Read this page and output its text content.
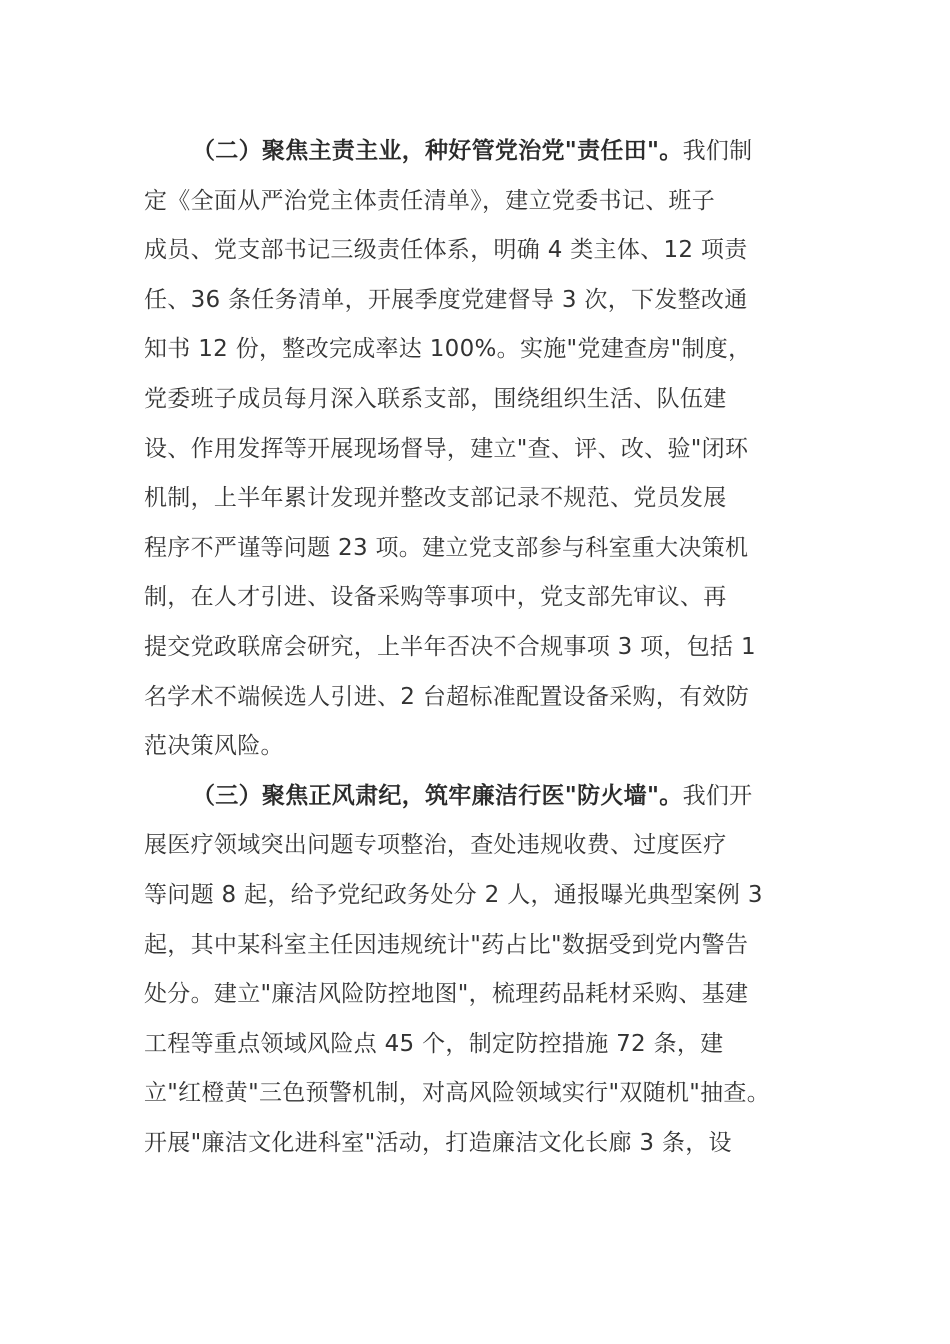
（二）聚焦主责主业，种好管党治党"责任田"。我们制
定《全面从严治党主体责任清单》，建立党委书记、班子
成员、党支部书记三级责任体系，明确 4 类主体、12 项责
任、36 条任务清单，开展季度党建督导 3 次，下发整改通
知书 12 份，整改完成率达 100%。实施"党建查房"制度，
党委班子成员每月深入联系支部，围绕组织生活、队伍建
设、作用发挥等开展现场督导，建立"查、评、改、验"闭环
机制，上半年累计发现并整改支部记录不规范、党员发展
程序不严谨等问题 23 项。建立党支部参与科室重大决策机
制，在人才引进、设备采购等事项中，党支部先审议、再
提交党政联席会研究，上半年否决不合规事项 3 项，包括 1
名学术不端候选人引进、2 台超标准配置设备采购，有效防
范决策风险。
（三）聚焦正风肃纪，筑牢廉洁行医"防火墙"。我们开
展医疗领域突出问题专项整治，查处违规收费、过度医疗
等问题 8 起，给予党纪政务处分 2 人，通报曝光典型案例 3
起，其中某科室主任因违规统计"药占比"数据受到党内警告
处分。建立"廉洁风险防控地图"，梳理药品耗材采购、基建
工程等重点领域风险点 45 个，制定防控措施 72 条，建
立"红橙黄"三色预警机制，对高风险领域实行"双随机"抽查。
开展"廉洁文化进科室"活动，打造廉洁文化长廊 3 条，设
